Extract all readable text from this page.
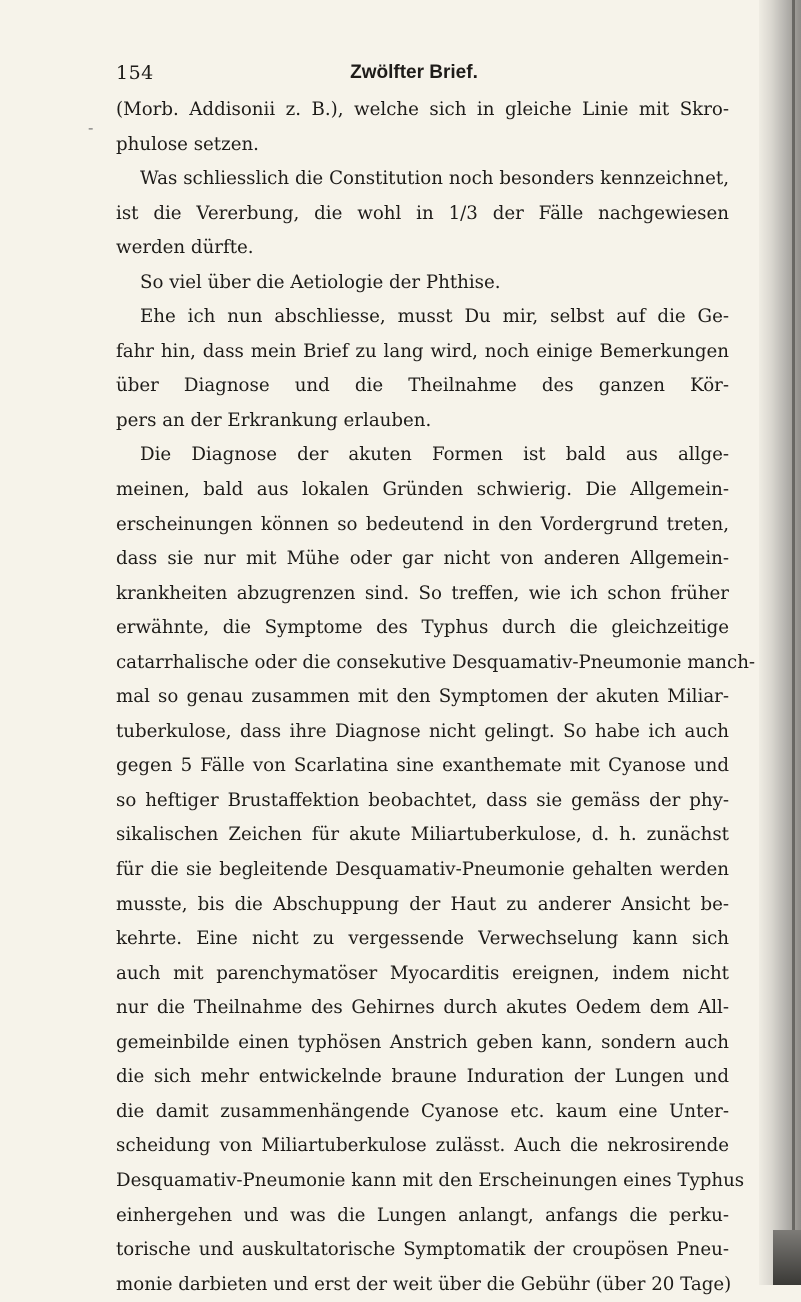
-
154	Zwölfter Brief.
(Morb. Addisonii z. B.), welche sich in gleiche Linie mit Skro-
phulose setzen.
Was schliesslich die Constitution noch besonders kennzeichnet,
ist die Vererbung, die wohl in 1/3 der Fälle nachgewiesen
werden dürfte.
So viel über die Aetiologie der Phthise.
Ehe ich nun abschliesse, musst Du mir, selbst auf die Ge-
fahr hin, dass mein Brief zu lang wird, noch einige Bemerkungen
über Diagnose und die Theilnahme des ganzen Kör-
pers an der Erkrankung erlauben.
Die Diagnose der akuten Formen ist bald aus allge-
meinen, bald aus lokalen Gründen schwierig. Die Allgemein-
erscheinungen können so bedeutend in den Vordergrund treten,
dass sie nur mit Mühe oder gar nicht von anderen Allgemein-
krankheiten abzugrenzen sind. So treffen, wie ich schon früher
erwähnte, die Symptome des Typhus durch die gleichzeitige
catarrhalische oder die consekutive Desquamativ-Pneumonie manch-
mal so genau zusammen mit den Symptomen der akuten Miliar-
tuberkulose, dass ihre Diagnose nicht gelingt. So habe ich auch
gegen 5 Fälle von Scarlatina sine exanthemate mit Cyanose und
so heftiger Brustaffektion beobachtet, dass sie gemäss der phy-
sikalischen Zeichen für akute Miliartuberkulose, d. h. zunächst
für die sie begleitende Desquamativ-Pneumonie gehalten werden
musste, bis die Abschuppung der Haut zu anderer Ansicht be-
kehrte. Eine nicht zu vergessende Verwechselung kann sich
auch mit parenchymatöser Myocarditis ereignen, indem nicht
nur die Theilnahme des Gehirnes durch akutes Oedem dem All-
gemeinbilde einen typhösen Anstrich geben kann, sondern auch
die sich mehr entwickelnde braune Induration der Lungen und
die damit zusammenhängende Cyanose etc. kaum eine Unter-
scheidung von Miliartuberkulose zulässt. Auch die nekrosirende
Desquamativ-Pneumonie kann mit den Erscheinungen eines Typhus
einhergehen und was die Lungen anlangt, anfangs die perku-
torische und auskultatorische Symptomatik der croupösen Pneu-
monie darbieten und erst der weit über die Gebühr (über 20 Tage)
